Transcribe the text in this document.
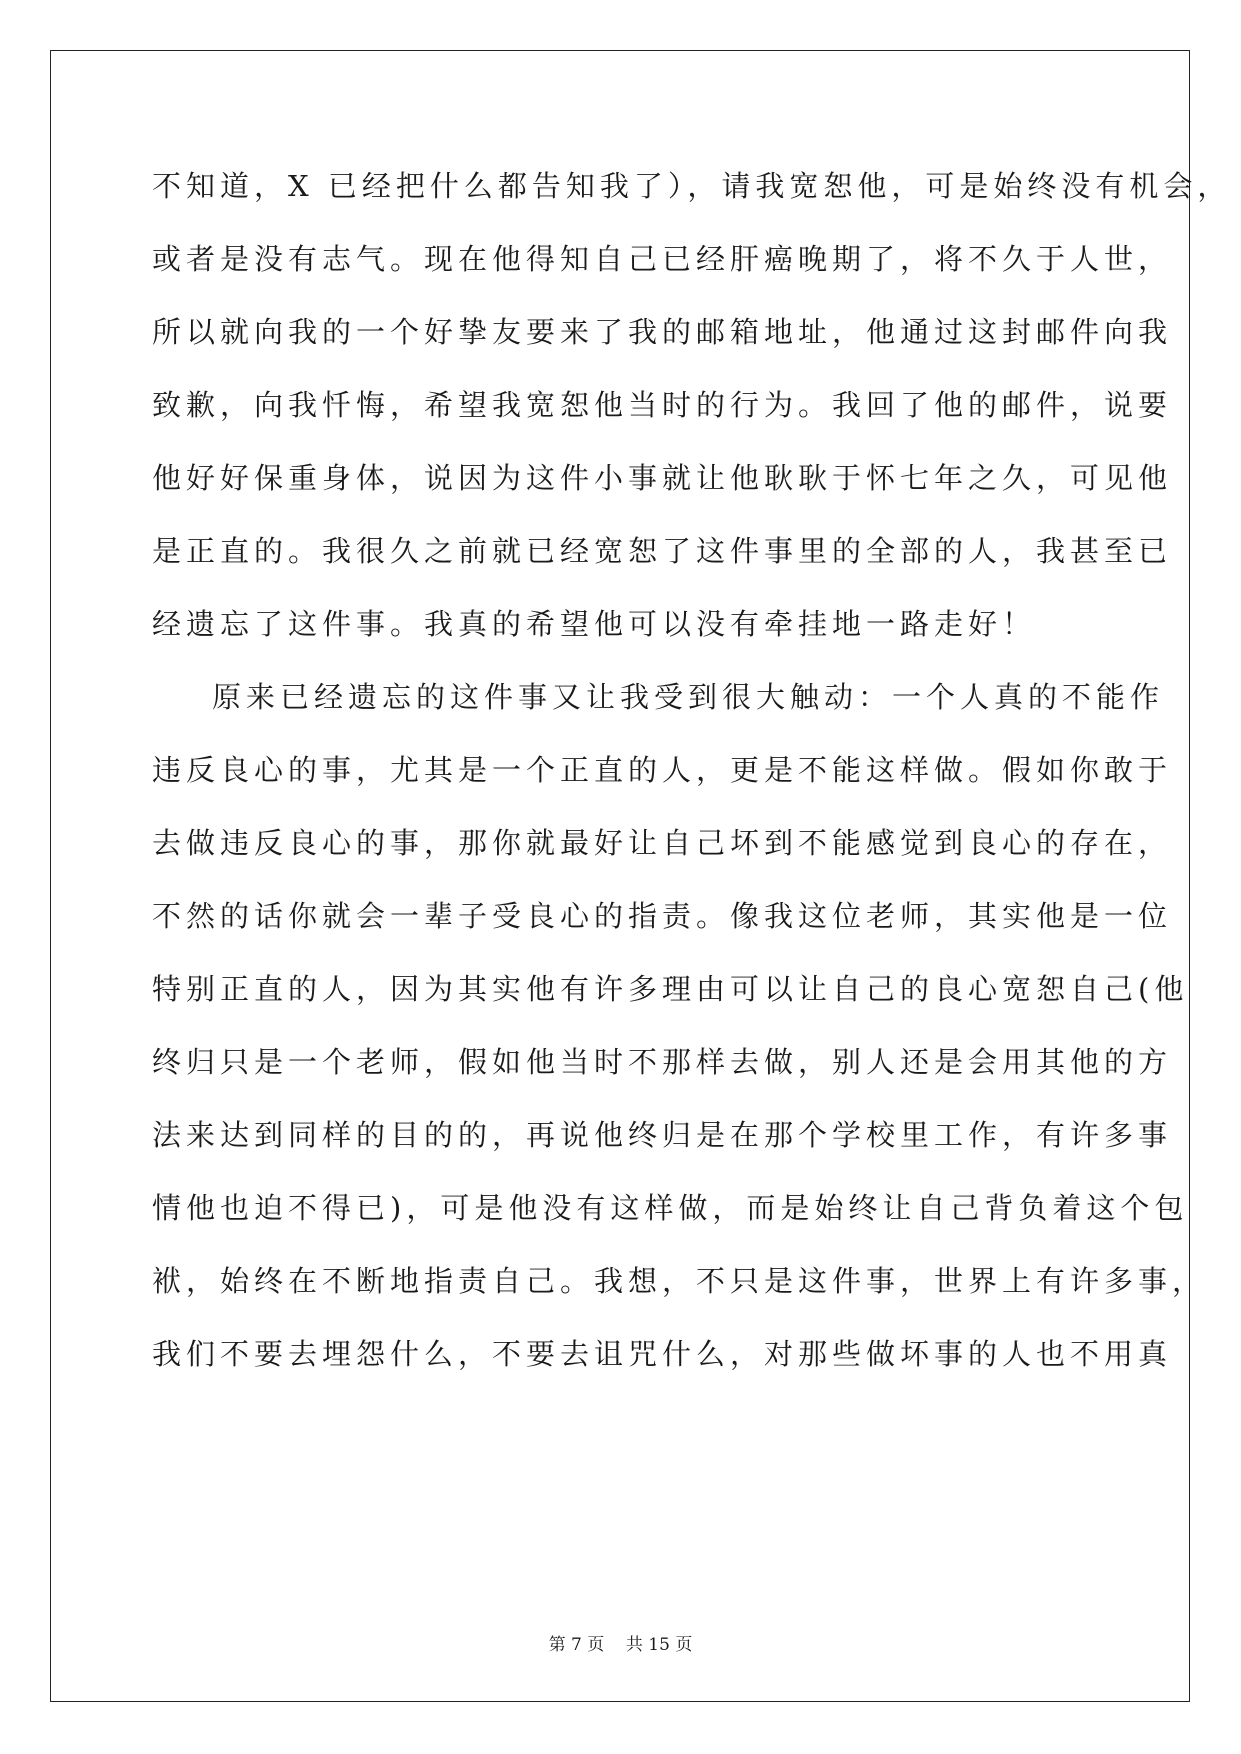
不知道，X 已经把什么都告知我了），请我宽恕他，可是始终没有机会，
或者是没有志气。现在他得知自己已经肝癌晚期了，将不久于人世，
所以就向我的一个好挚友要来了我的邮箱地址，他通过这封邮件向我
致歉，向我忏悔，希望我宽恕他当时的行为。我回了他的邮件，说要
他好好保重身体，说因为这件小事就让他耿耿于怀七年之久，可见他
是正直的。我很久之前就已经宽恕了这件事里的全部的人，我甚至已
经遗忘了这件事。我真的希望他可以没有牵挂地一路走好！
原来已经遗忘的这件事又让我受到很大触动：一个人真的不能作
违反良心的事，尤其是一个正直的人，更是不能这样做。假如你敢于
去做违反良心的事，那你就最好让自己坏到不能感觉到良心的存在，
不然的话你就会一辈子受良心的指责。像我这位老师，其实他是一位
特别正直的人，因为其实他有许多理由可以让自己的良心宽恕自己(他
终归只是一个老师，假如他当时不那样去做，别人还是会用其他的方
法来达到同样的目的的，再说他终归是在那个学校里工作，有许多事
情他也迫不得已)，可是他没有这样做，而是始终让自己背负着这个包
袱，始终在不断地指责自己。我想，不只是这件事，世界上有许多事，
我们不要去埋怨什么，不要去诅咒什么，对那些做坏事的人也不用真
第 7 页    共 15 页
